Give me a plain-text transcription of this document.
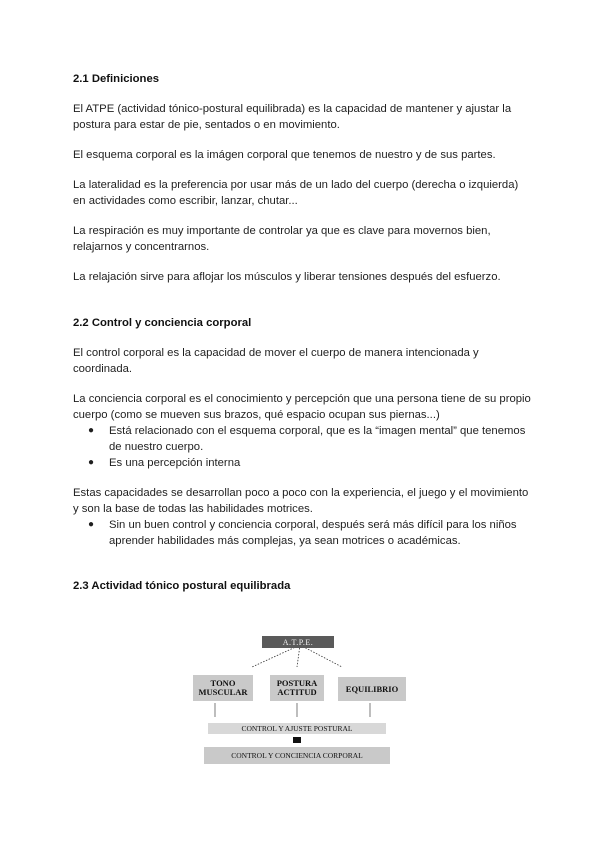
2.1 Definiciones

El ATPE (actividad tónico-postural equilibrada) es la capacidad de mantener y ajustar la postura para estar de pie, sentados o en movimiento.

El esquema corporal es la imágen corporal que tenemos de nuestro y de sus partes.

La lateralidad es la preferencia por usar más de un lado del cuerpo (derecha o izquierda) en actividades como escribir, lanzar, chutar...

La respiración es muy importante de controlar ya que es clave para movernos bien, relajarnos y concentrarnos.

La relajación sirve para aflojar los músculos y liberar tensiones después del esfuerzo.

2.2 Control y conciencia corporal

El control corporal es la capacidad de mover el cuerpo de manera intencionada y coordinada.

La conciencia corporal es el conocimiento y percepción que una persona tiene de su propio cuerpo (como se mueven sus brazos, qué espacio ocupan sus piernas...)

● Está relacionado con el esquema corporal, que es la “imagen mental” que tenemos de nuestro cuerpo.
● Es una percepción interna

Estas capacidades se desarrollan poco a poco con la experiencia, el juego y el movimiento y son la base de todas las habilidades motrices.

● Sin un buen control y conciencia corporal, después será más difícil para los niños aprender habilidades más complejas, ya sean motrices o académicas.
2.3 Actividad tónico postural equilibrada
A.T.P.E.
TONO
MUSCULAR
POSTURA
ACTITUD	EQUILIBRIO
CONTROL Y AJUSTE POSTURAL
CONTROL Y CONCIENCIA CORPORAL
